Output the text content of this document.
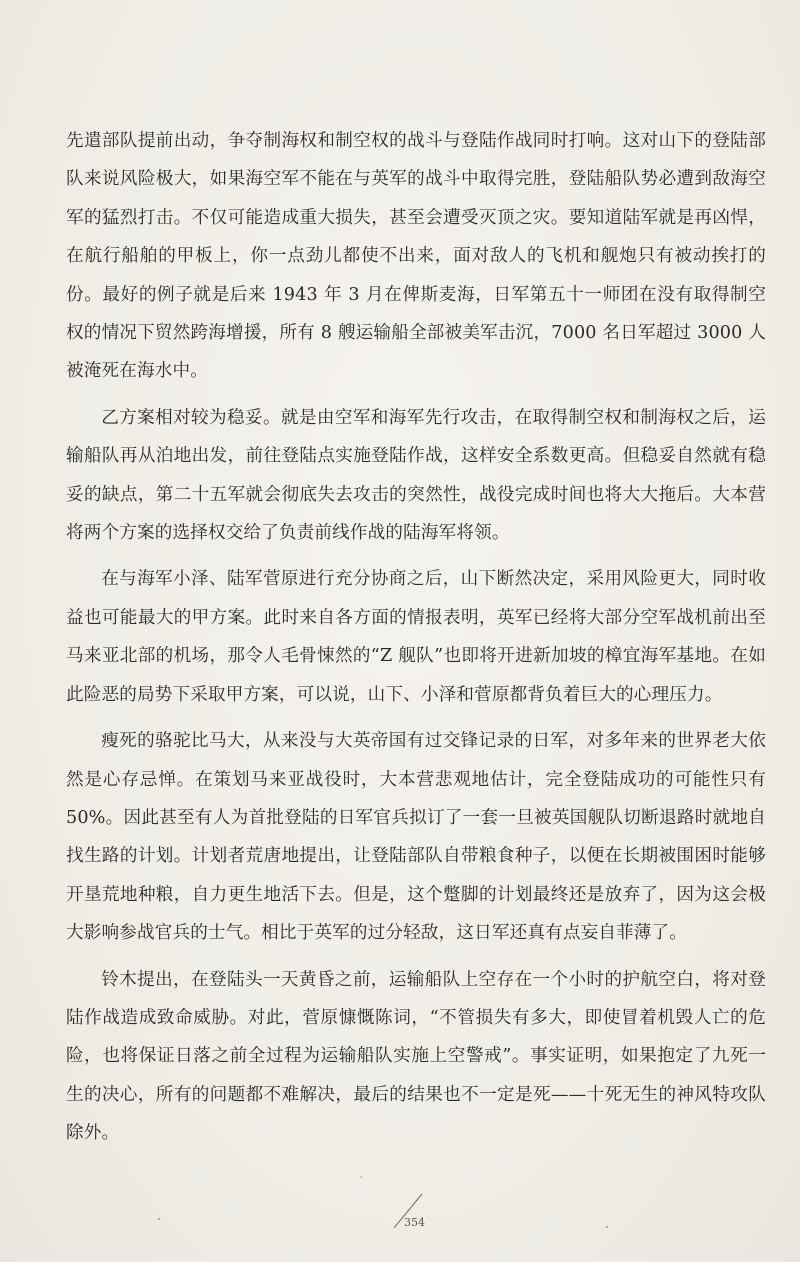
先遣部队提前出动，争夺制海权和制空权的战斗与登陆作战同时打响。这对山下的登陆部队来说风险极大，如果海空军不能在与英军的战斗中取得完胜，登陆船队势必遭到敌海空军的猛烈打击。不仅可能造成重大损失，甚至会遭受灭顶之灾。要知道陆军就是再凶悍，在航行船舶的甲板上，你一点劲儿都使不出来，面对敌人的飞机和舰炮只有被动挨打的份。最好的例子就是后来 1943 年 3 月在俾斯麦海，日军第五十一师团在没有取得制空权的情况下贸然跨海增援，所有 8 艘运输船全部被美军击沉，7000 名日军超过 3000 人被淹死在海水中。

乙方案相对较为稳妥。就是由空军和海军先行攻击，在取得制空权和制海权之后，运输船队再从泊地出发，前往登陆点实施登陆作战，这样安全系数更高。但稳妥自然就有稳妥的缺点，第二十五军就会彻底失去攻击的突然性，战役完成时间也将大大拖后。大本营将两个方案的选择权交给了负责前线作战的陆海军将领。

在与海军小泽、陆军菅原进行充分协商之后，山下断然决定，采用风险更大，同时收益也可能最大的甲方案。此时来自各方面的情报表明，英军已经将大部分空军战机前出至马来亚北部的机场，那令人毛骨悚然的“Z 舰队”也即将开进新加坡的樟宜海军基地。在如此险恶的局势下采取甲方案，可以说，山下、小泽和菅原都背负着巨大的心理压力。

瘦死的骆驼比马大，从来没与大英帝国有过交锋记录的日军，对多年来的世界老大依然是心存忌惮。在策划马来亚战役时，大本营悲观地估计，完全登陆成功的可能性只有 50%。因此甚至有人为首批登陆的日军官兵拟订了一套一旦被英国舰队切断退路时就地自找生路的计划。计划者荒唐地提出，让登陆部队自带粮食种子，以便在长期被围困时能够开垦荒地种粮，自力更生地活下去。但是，这个蹩脚的计划最终还是放弃了，因为这会极大影响参战官兵的士气。相比于英军的过分轻敌，这日军还真有点妄自菲薄了。

铃木提出，在登陆头一天黄昏之前，运输船队上空存在一个小时的护航空白，将对登陆作战造成致命威胁。对此，菅原慷慨陈词，“不管损失有多大，即使冒着机毁人亡的危险，也将保证日落之前全过程为运输船队实施上空警戒”。事实证明，如果抱定了九死一生的决心，所有的问题都不难解决，最后的结果也不一定是死——十死无生的神风特攻队除外。

354
